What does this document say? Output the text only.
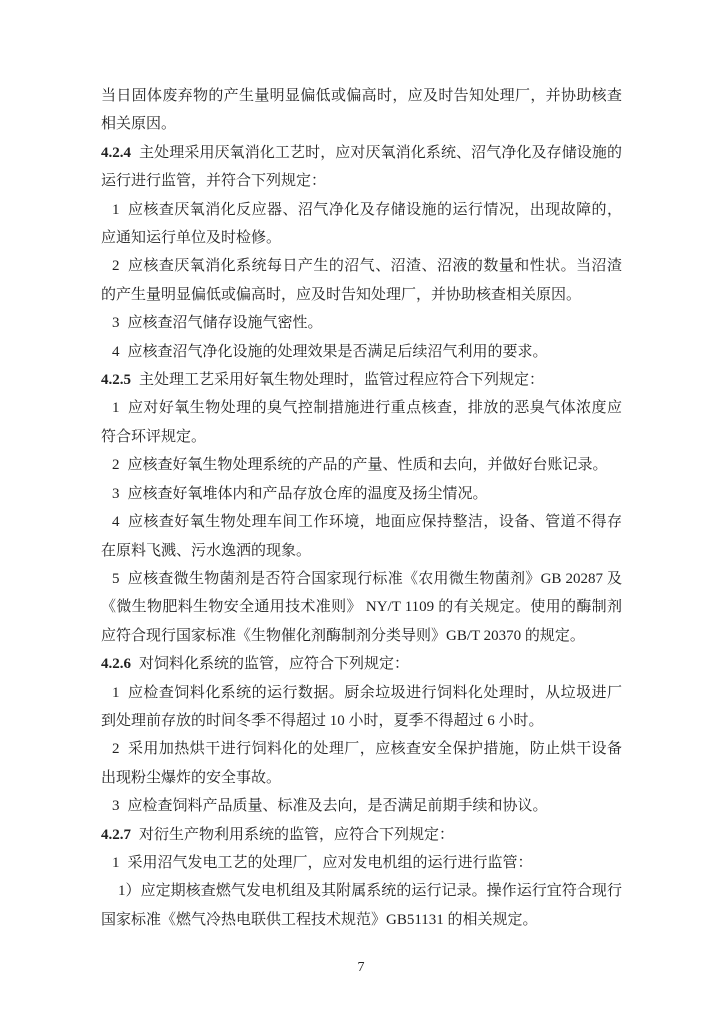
当日固体废弃物的产生量明显偏低或偏高时，应及时告知处理厂，并协助核查相关原因。

4.2.4 主处理采用厌氧消化工艺时，应对厌氧消化系统、沼气净化及存储设施的运行进行监管，并符合下列规定：

1 应核查厌氧消化反应器、沼气净化及存储设施的运行情况，出现故障的，应通知运行单位及时检修。

2 应核查厌氧消化系统每日产生的沼气、沼渣、沼液的数量和性状。当沼渣的产生量明显偏低或偏高时，应及时告知处理厂，并协助核查相关原因。

3 应核查沼气储存设施气密性。

4 应核查沼气净化设施的处理效果是否满足后续沼气利用的要求。

4.2.5 主处理工艺采用好氧生物处理时，监管过程应符合下列规定：

1 应对好氧生物处理的臭气控制措施进行重点核查，排放的恶臭气体浓度应符合环评规定。

2 应核查好氧生物处理系统的产品的产量、性质和去向，并做好台账记录。

3 应核查好氧堆体内和产品存放仓库的温度及扬尘情况。

4 应核查好氧生物处理车间工作环境，地面应保持整洁，设备、管道不得存在原料飞溅、污水逸洒的现象。

5 应核查微生物菌剂是否符合国家现行标准《农用微生物菌剂》GB 20287 及《微生物肥料生物安全通用技术准则》 NY/T 1109 的有关规定。使用的酶制剂应符合现行国家标准《生物催化剂酶制剂分类导则》GB/T 20370 的规定。

4.2.6 对饲料化系统的监管，应符合下列规定：

1 应检查饲料化系统的运行数据。厨余垃圾进行饲料化处理时，从垃圾进厂到处理前存放的时间冬季不得超过 10 小时，夏季不得超过 6 小时。

2 采用加热烘干进行饲料化的处理厂，应核查安全保护措施，防止烘干设备出现粉尘爆炸的安全事故。

3 应检查饲料产品质量、标准及去向，是否满足前期手续和协议。

4.2.7 对衍生产物利用系统的监管，应符合下列规定：

1 采用沼气发电工艺的处理厂，应对发电机组的运行进行监管：

1）应定期核查燃气发电机组及其附属系统的运行记录。操作运行宜符合现行国家标准《燃气冷热电联供工程技术规范》GB51131 的相关规定。

7
